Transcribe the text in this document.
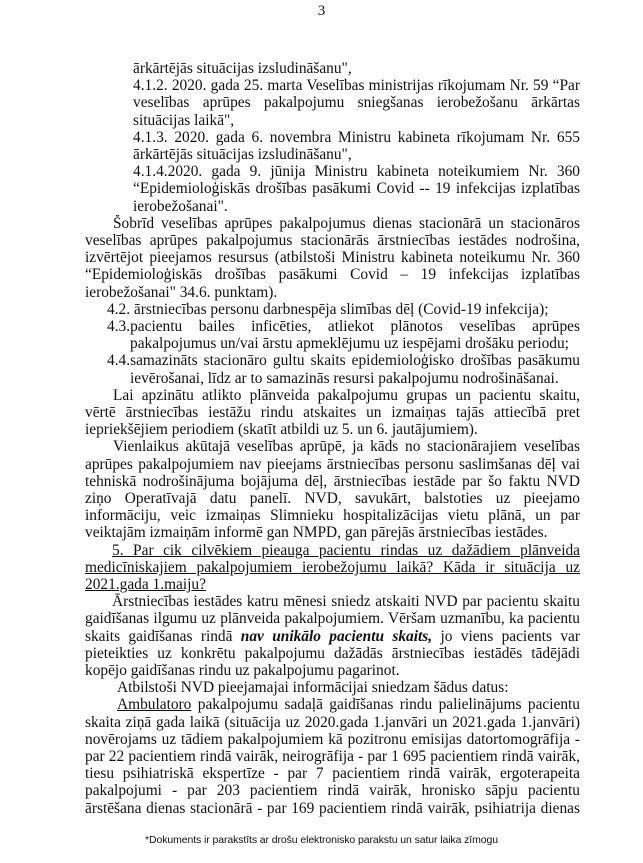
3
ārkārtējās situācijas izsludināšanu",
4.1.2. 2020. gada 25. marta Veselības ministrijas rīkojumam Nr. 59 “Par
veselības aprūpes pakalpojumu sniegšanas ierobežošanu ārkārtas
situācijas laikā",
4.1.3. 2020. gada 6. novembra Ministru kabineta rīkojumam Nr. 655
ārkārtējās situācijas izsludināšanu",
4.1.4.2020. gada 9. jūnija Ministru kabineta noteikumiem Nr. 360
“Epidemioloģiskās drošības pasākumi Covid -- 19 infekcijas izplatības
ierobežošanai".
Šobrīd veselības aprūpes pakalpojumus dienas stacionārā un stacionāros
veselības aprūpes pakalpojumus stacionārās ārstniecības iestādes nodrošina,
izvērtējot pieejamos resursus (atbilstoši Ministru kabineta noteikumu Nr. 360
“Epidemioloģiskās drošības pasākumi Covid – 19 infekcijas izplatības
ierobežošanai" 34.6. punktam).
4.2. ārstniecības personu darbnespēja slimības dēļ (Covid-19 infekcija);
4.3.pacientu bailes inficēties, atliekot plānotos veselības aprūpes
pakalpojumus un/vai ārstu apmeklējumu uz iespējami drošāku periodu;
4.4.samazināts stacionāro gultu skaits epidemioloģisko drošības pasākumu
ievērošanai, līdz ar to samazinās resursi pakalpojumu nodrošināšanai.
Lai apzinātu atlikto plānveida pakalpojumu grupas un pacientu skaitu,
vērtē ārstniecības iestāžu rindu atskaites un izmaiņas tajās attiecībā pret
iepriekšējiem periodiem (skatīt atbildi uz 5. un 6. jautājumiem).
Vienlaikus akūtajā veselības aprūpē, ja kāds no stacionārajiem veselības
aprūpes pakalpojumiem nav pieejams ārstniecības personu saslimšanas dēļ vai
tehniskā nodrošinājuma bojājuma dēļ, ārstniecības iestāde par šo faktu NVD
ziņo Operatīvajā datu panelī. NVD, savukārt, balstoties uz pieejamo
informāciju, veic izmaiņas Slimnieku hospitalizācijas vietu plānā, un par
veiktajām izmaiņām informē gan NMPD, gan pārejās ārstniecības iestādes.
5. Par cik cilvēkiem pieauga pacientu rindas uz dažādiem plānveida
medicīniskajiem pakalpojumiem ierobežojumu laikā? Kāda ir situācija uz
2021.gada 1.maiju?
Ārstniecības iestādes katru mēnesi sniedz atskaiti NVD par pacientu skaitu
gaidīšanas ilgumu uz plānveida pakalpojumiem. Vēršam uzmanību, ka pacientu
skaits gaidīšanas rindā nav unikālo pacientu skaits, jo viens pacients var
pieteikties uz konkrētu pakalpojumu dažādās ārstniecības iestādēs tādējādi
kopējo gaidīšanas rindu uz pakalpojumu pagarinot.
Atbilstoši NVD pieejamajai informācijai sniedzam šādus datus:
Ambulatoro pakalpojumu sadaļā gaidīšanas rindu palielinājums pacientu
skaita ziņā gada laikā (situācija uz 2020.gada 1.janvāri un 2021.gada 1.janvāri)
novērojams uz tādiem pakalpojumiem kā pozitronu emisijas datortomogrāfija -
par 22 pacientiem rindā vairāk, neirogrāfija - par 1 695 pacientiem rindā vairāk,
tiesu psihiatriskā ekspertīze - par 7 pacientiem rindā vairāk, ergoterapeita
pakalpojumi - par 203 pacientiem rindā vairāk, hronisko sāpju pacientu
ārstēšana dienas stacionārā - par 169 pacientiem rindā vairāk, psihiatrija dienas
*Dokuments ir parakstīts ar drošu elektronisko parakstu un satur laika zīmogu
